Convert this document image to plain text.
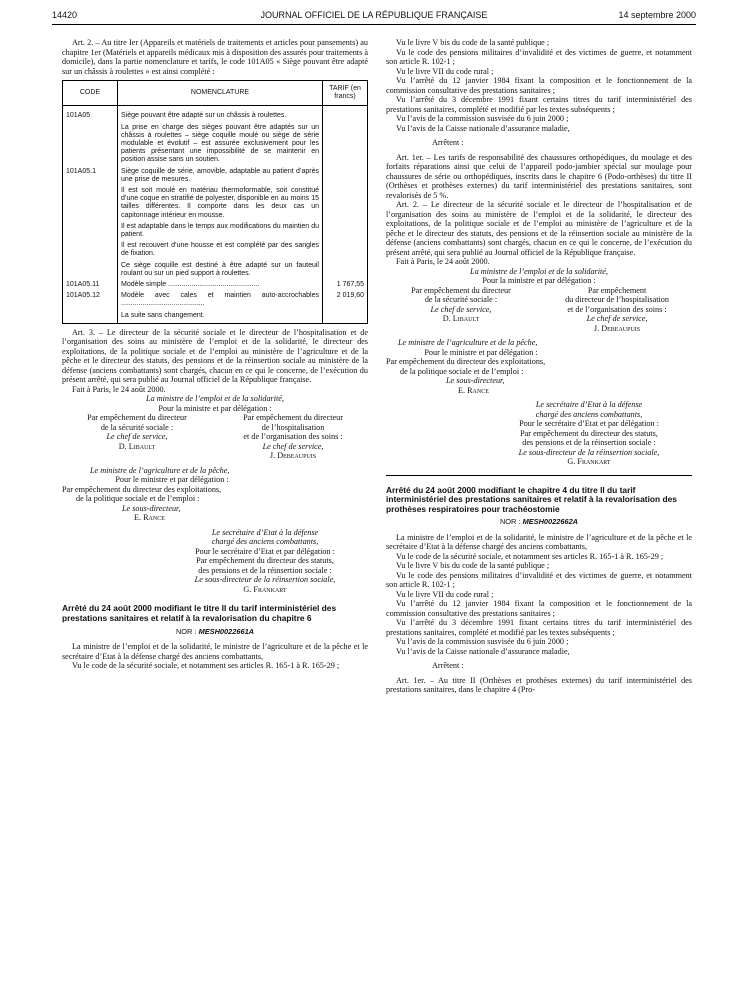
14420	JOURNAL OFFICIEL DE LA RÉPUBLIQUE FRANÇAISE	14 septembre 2000

Art. 2. – Au titre Ier (Appareils et matériels de traitements et articles pour pansements) au chapitre 1er (Matériels et appareils médicaux mis à disposition des assurés pour traitements à domicile), dans la partie nomenclature et tarifs, le code 101A05 « Siège pouvant être adapté sur un châssis à roulettes » est ainsi complété :

CODE	NOMENCLATURE	TARIF (en francs)
101A05	Siège pouvant être adapté sur un châssis à roulettes.
La prise en charge des sièges pouvant être adaptés sur un châssis à roulettes – siège coquille moulé ou siège de série modulable et évolutif – est assurée exclusivement pour les patients présentant une impossibilité de se maintenir en position assise sans un soutien.	

101A05.1	Siège coquille de série, amovible, adaptable au patient d’après une prise de mesures.
Il est soit moulé en matériau thermoformable, soit constitué d’une coque en stratifié de polyester, disponible en au moins 15 tailles différentes. Il comporte dans les deux cas un capitonnage intérieur en mousse.
Il est adaptable dans le temps aux modifications du maintien du patient.
Il est recouvert d’une housse et est complété par des sangles de fixation.
Ce siège coquille est destiné à être adapté sur un fauteuil roulant ou sur un pied support à roulettes.	

101A05.11	Modèle simple ...............................................	1 767,55
101A05.12	Modèle avec cales et maintien auto-accrochables ...........................................	2 019,60

	La suite sans changement.	

Art. 3. – Le directeur de la sécurité sociale et le directeur de l’hospitalisation et de l’organisation des soins au ministère de l’emploi et de la solidarité, le directeur des exploitations, de la politique sociale et de l’emploi au ministère de l’agriculture et de la pêche et le directeur des statuts, des pensions et de la réinsertion sociale au ministère de la défense (anciens combattants) sont chargés, chacun en ce qui le concerne, de l’exécution du présent arrêté, qui sera publié au Journal officiel de la République française.

Fait à Paris, le 24 août 2000.

La ministre de l’emploi et de la solidarité,
Pour la ministre et par délégation :
Par empêchement du directeur
de la sécurité sociale :
Le chef de service,
D. Libault
Par empêchement du directeur
de l’hospitalisation
et de l’organisation des soins :
Le chef de service,
J. Debeaupuis
Le ministre de l’agriculture et de la pêche,
Pour le ministre et par délégation :
Par empêchement du directeur des exploitations,
de la politique sociale et de l’emploi :
Le sous-directeur,
E. Rance
Le secrétaire d’Etat à la défense
chargé des anciens combattants,
Pour le secrétaire d’Etat et par délégation :
Par empêchement du directeur des statuts,
des pensions et de la réinsertion sociale :
Le sous-directeur de la réinsertion sociale,
G. Frankart
Arrêté du 24 août 2000 modifiant le titre II du tarif interministériel des prestations sanitaires et relatif à la revalorisation du chapitre 6
NOR : MESH0022661A

La ministre de l’emploi et de la solidarité, le ministre de l’agriculture et de la pêche et le secrétaire d’Etat à la défense chargé des anciens combattants,

Vu le code de la sécurité sociale, et notamment ses articles R. 165-1 à R. 165-29 ;

Vu le livre V bis du code de la santé publique ;

Vu le code des pensions militaires d’invalidité et des victimes de guerre, et notamment son article R. 102-1 ;

Vu le livre VII du code rural ;

Vu l’arrêté du 12 janvier 1984 fixant la composition et le fonctionnement de la commission consultative des prestations sanitaires ;

Vu l’arrêté du 3 décembre 1991 fixant certains titres du tarif interministériel des prestations sanitaires, complété et modifié par les textes subséquents ;

Vu l’avis de la commission susvisée du 6 juin 2000 ;

Vu l’avis de la Caisse nationale d’assurance maladie,

Arrêtent :

Art. 1er. – Les tarifs de responsabilité des chaussures orthopédiques, du moulage et des forfaits réparations ainsi que celui de l’appareil podo-jambier spécial sur moulage pour chaussures de série ou orthopédiques, inscrits dans le chapitre 6 (Podo-orthèses) du titre II (Orthèses et prothèses externes) du tarif interministériel des prestations sanitaires, sont revalorisés de 5 %.

Art. 2. – Le directeur de la sécurité sociale et le directeur de l’hospitalisation et de l’organisation des soins au ministère de l’emploi et de la solidarité, le directeur des exploitations, de la politique sociale et de l’emploi au ministère de l’agriculture et de la pêche et le directeur des statuts, des pensions et de la réinsertion sociale au ministère de la défense (anciens combattants) sont chargés, chacun en ce qui le concerne, de l’exécution du présent arrêté, qui sera publié au Journal officiel de la République française.

Fait à Paris, le 24 août 2000.

La ministre de l’emploi et de la solidarité,
Pour la ministre et par délégation :
Par empêchement du directeur
de la sécurité sociale :
Le chef de service,
D. Libault
Par empêchement
du directeur de l’hospitalisation
et de l’organisation des soins :
Le chef de service,
J. Debeaupuis
Le ministre de l’agriculture et de la pêche,
Pour le ministre et par délégation :
Par empêchement du directeur des exploitations,
de la politique sociale et de l’emploi :
Le sous-directeur,
E. Rance
Le secrétaire d’Etat à la défense
chargé des anciens combattants,
Pour le secrétaire d’Etat et par délégation :
Par empêchement du directeur des statuts,
des pensions et de la réinsertion sociale :
Le sous-directeur de la réinsertion sociale,
G. Frankart
Arrêté du 24 août 2000 modifiant le chapitre 4 du titre II du tarif interministériel des prestations sanitaires et relatif à la revalorisation des prothèses respiratoires pour trachéostomie
NOR : MESH0022662A

La ministre de l’emploi et de la solidarité, le ministre de l’agriculture et de la pêche et le secrétaire d’Etat à la défense chargé des anciens combattants,

Vu le code de la sécurité sociale, et notamment ses articles R. 165-1 à R. 165-29 ;

Vu le livre V bis du code de la santé publique ;

Vu le code des pensions militaires d’invalidité et des victimes de guerre, et notamment son article R. 102-1 ;

Vu le livre VII du code rural ;

Vu l’arrêté du 12 janvier 1984 fixant la composition et le fonctionnement de la commission consultative des prestations sanitaires ;

Vu l’arrêté du 3 décembre 1991 fixant certains titres du tarif interministériel des prestations sanitaires, complété et modifié par les textes subséquents ;

Vu l’avis de la commission susvisée du 6 juin 2000 ;

Vu l’avis de la Caisse nationale d’assurance maladie,

Arrêtent :

Art. 1er. – Au titre II (Orthèses et prothèses externes) du tarif interministériel des prestations sanitaires, dans le chapitre 4 (Pro-
